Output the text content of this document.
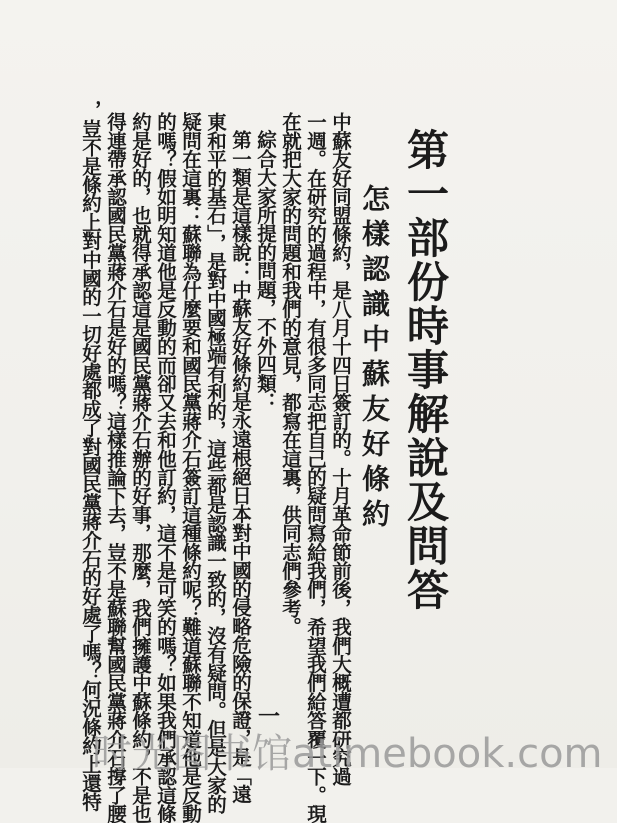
第一部份時事解說及問答
怎樣認識中蘇友好條約
中蘇友好同盟條約，是八月十四日簽訂的。十月革命節前後，我們大概遭都研究過
一週。在研究的過程中，有很多同志把自己的疑問寫給我們，希望我們給答覆一下。現
在就把大家的問題和我們的意見，都寫在這裏，供同志們參考。
綜合大家所提的問題，不外四類：
第一類是這樣說：中蘇友好條約是永遠根絕日本對中國的侵略危險的保證，是「遠
東和平的基石」，是對中國極端有利的，這些都是認識一致的，沒有疑問。但是大家的
疑問在這裏：蘇聯為什麼要和國民黨蔣介石簽訂這種條約呢？難道蘇聯不知道他是反動
的嗎？假如明知道他是反動的而卻又去和他訂約，這不是可笑的嗎？如果我們承認這條
約是好的，也就得承認這是國民黨蔣介石辦的好事，那麼，我們擁護中蘇條約，不是也
得連帶承認國民黨蔣介石是好的嗎？這樣推論下去，豈不是蘇聯幫國民黨蔣介石撐了腰
，豈不是條約上對中國的一切好處都成了對國民黨蔣介石的好處了嗎？何況條約上還特	一
时光图书馆atimebook.com
